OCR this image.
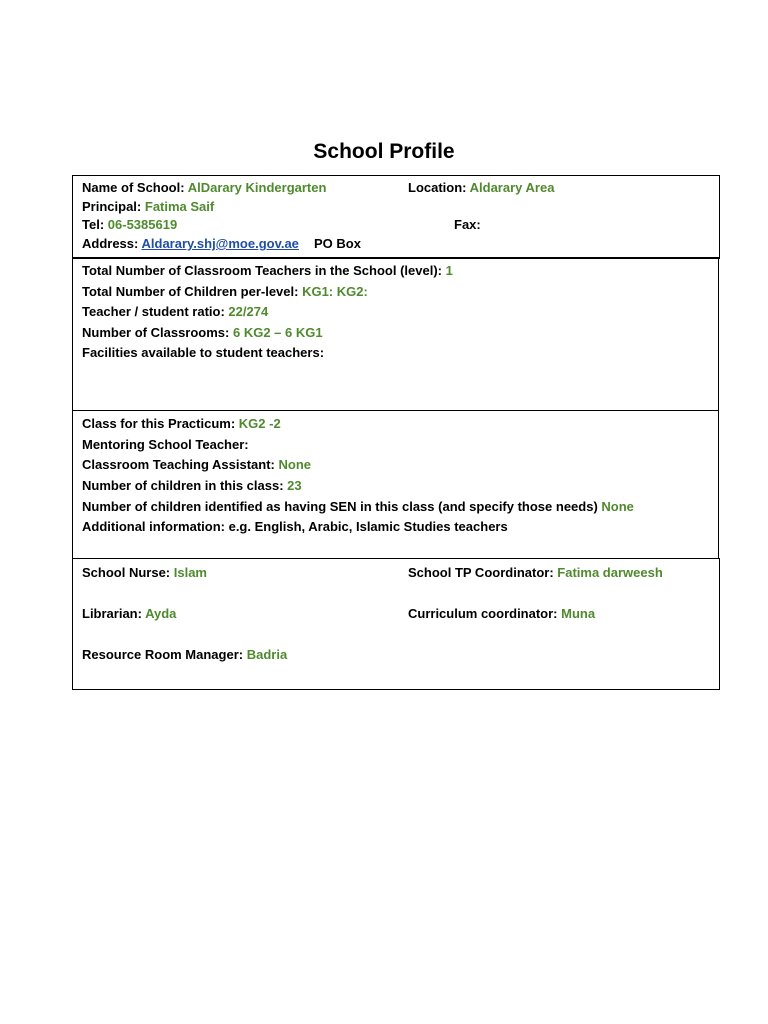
School Profile
Name of School: AlDarary Kindergarten	Location: Aldarary Area
Principal: Fatima Saif
Tel: 06-5385619	Fax:
Address: Aldarary.shj@moe.gov.ae PO Box
Total Number of Classroom Teachers in the School (level): 1
Total Number of Children per-level: KG1: KG2:
Teacher / student ratio: 22/274
Number of Classrooms: 6 KG2 – 6 KG1
Facilities available to student teachers:
Class for this Practicum: KG2 -2
Mentoring School Teacher:
Classroom Teaching Assistant: None
Number of children in this class: 23
Number of children identified as having SEN in this class (and specify those needs) None
Additional information: e.g. English, Arabic, Islamic Studies teachers
School Nurse: Islam	School TP Coordinator: Fatima darweesh
Librarian: Ayda	Curriculum coordinator: Muna
Resource Room Manager: Badria
